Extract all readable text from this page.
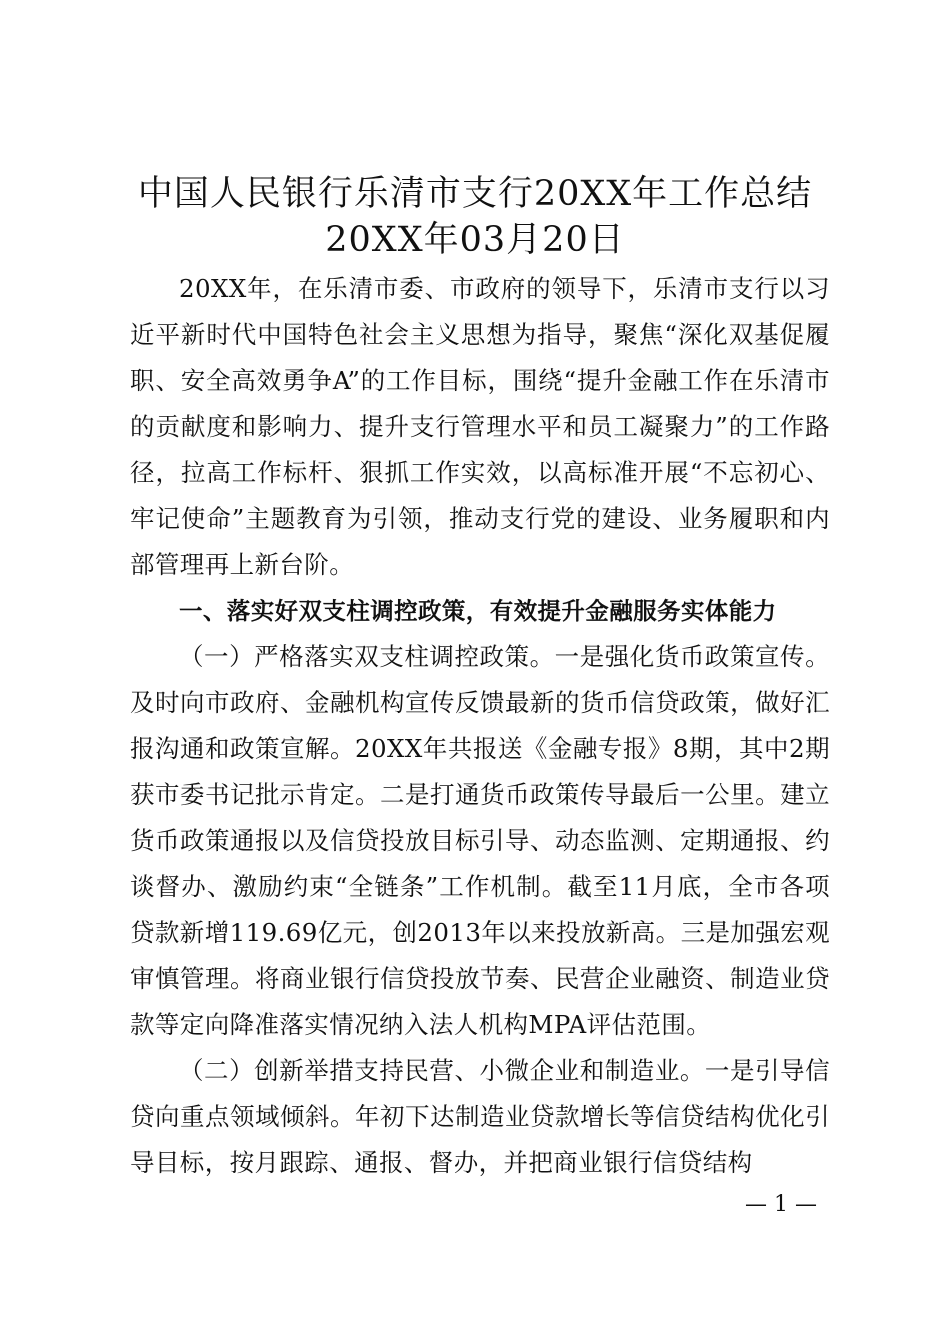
中国人民银行乐清市支行20XX年工作总结
20XX年03月20日

20XX年，在乐清市委、市政府的领导下，乐清市支行以习近平新时代中国特色社会主义思想为指导，聚焦“深化双基促履职、安全高效勇争A”的工作目标，围绕“提升金融工作在乐清市的贡献度和影响力、提升支行管理水平和员工凝聚力”的工作路径，拉高工作标杆、狠抓工作实效，以高标准开展“不忘初心、牢记使命”主题教育为引领，推动支行党的建设、业务履职和内部管理再上新台阶。

一、落实好双支柱调控政策，有效提升金融服务实体能力

（一）严格落实双支柱调控政策。一是强化货币政策宣传。及时向市政府、金融机构宣传反馈最新的货币信贷政策，做好汇报沟通和政策宣解。20XX年共报送《金融专报》8期，其中2期获市委书记批示肯定。二是打通货币政策传导最后一公里。建立货币政策通报以及信贷投放目标引导、动态监测、定期通报、约谈督办、激励约束“全链条”工作机制。截至11月底，全市各项贷款新增119.69亿元，创2013年以来投放新高。三是加强宏观审慎管理。将商业银行信贷投放节奏、民营企业融资、制造业贷款等定向降准落实情况纳入法人机构MPA评估范围。

（二）创新举措支持民营、小微企业和制造业。一是引导信贷向重点领域倾斜。年初下达制造业贷款增长等信贷结构优化引导目标，按月跟踪、通报、督办，并把商业银行信贷结构

— 1 —
